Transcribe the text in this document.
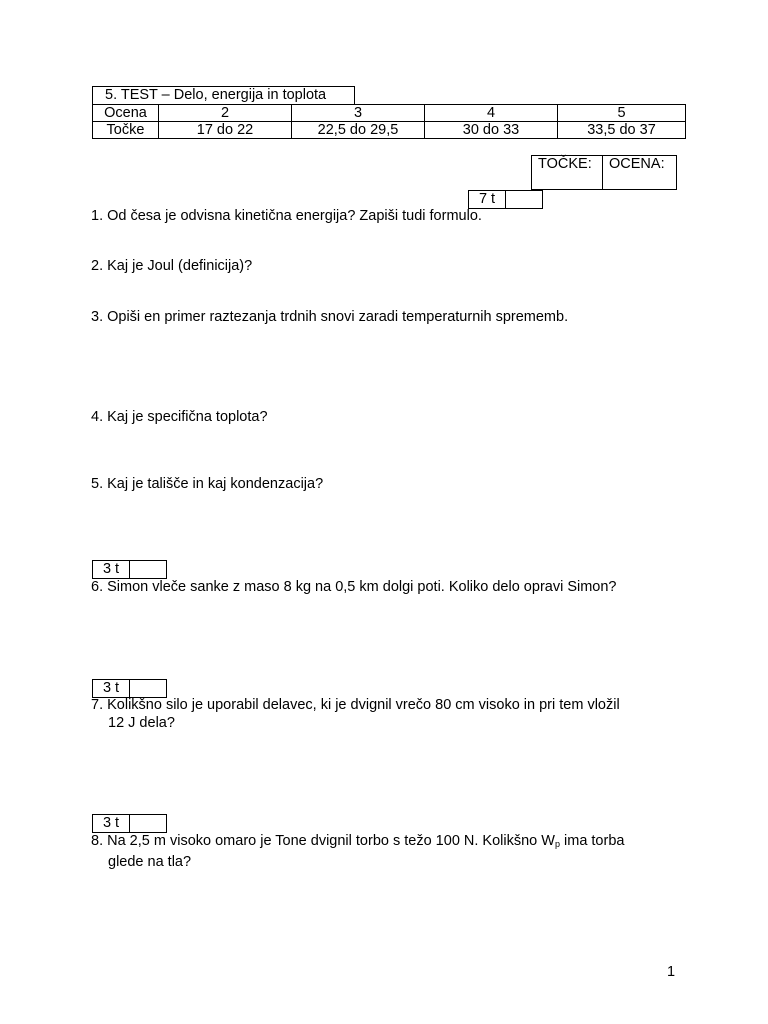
5. TEST – Delo, energija in toplota
Ocena	2	3	4	5
Točke	17 do 22	22,5 do 29,5	30 do 33	33,5 do 37
TOČKE:	OCENA:
7 t
1. Od česa je odvisna kinetična energija? Zapiši tudi formulo.
2. Kaj je Joul (definicija)?
3. Opiši en primer raztezanja trdnih snovi zaradi temperaturnih sprememb.
4. Kaj je specifična toplota?
5. Kaj je tališče in kaj kondenzacija?
3 t
6. Simon vleče sanke z maso 8 kg na 0,5 km dolgi poti. Koliko delo opravi Simon?
3 t
7. Kolikšno silo je uporabil delavec, ki je dvignil vrečo 80 cm visoko in pri tem vložil
12 J dela?
3 t
8. Na 2,5 m visoko omaro je Tone dvignil torbo s težo 100 N. Kolikšno $W_p$ ima torba
glede na tla?
1
